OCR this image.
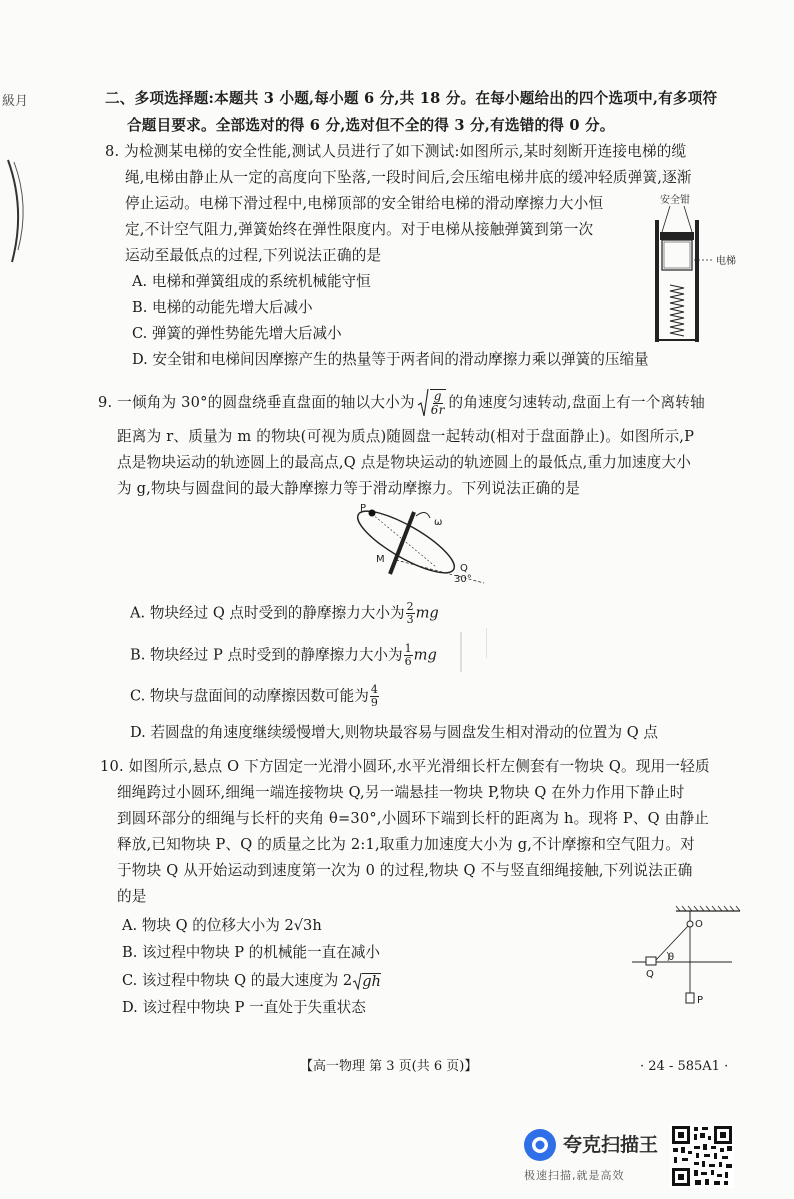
級月	二、多项选择题:本题共 3 小题,每小题 6 分,共 18 分。在每小题给出的四个选项中,有多项符
合题目要求。全部选对的得 6 分,选对但不全的得 3 分,有选错的得 0 分。
8. 为检测某电梯的安全性能,测试人员进行了如下测试:如图所示,某时刻断开连接电梯的缆
绳,电梯由静止从一定的高度向下坠落,一段时间后,会压缩电梯井底的缓冲轻质弹簧,逐渐
停止运动。电梯下滑过程中,电梯顶部的安全钳给电梯的滑动摩擦力大小恒
定,不计空气阻力,弹簧始终在弹性限度内。对于电梯从接触弹簧到第一次
运动至最低点的过程,下列说法正确的是
A. 电梯和弹簧组成的系统机械能守恒
B. 电梯的动能先增大后减小
C. 弹簧的弹性势能先增大后减小
D. 安全钳和电梯间因摩擦产生的热量等于两者间的滑动摩擦力乘以弹簧的压缩量
安全钳
电梯
9. 一倾角为 30°的圆盘绕垂直盘面的轴以大小为 $\frac{g}{6r}$ 的角速度匀速转动,盘面上有一个离转轴
距离为 r、质量为 m 的物块(可视为质点)随圆盘一起转动(相对于盘面静止)。如图所示,P
点是物块运动的轨迹圆上的最高点,Q 点是物块运动的轨迹圆上的最低点,重力加速度大小
为 g,物块与圆盘间的最大静摩擦力等于滑动摩擦力。下列说法正确的是
P
Q
M
ω
30°
A. 物块经过 Q 点时受到的静摩擦力大小为 $\frac{2}{3}$ mg
B. 物块经过 P 点时受到的静摩擦力大小为 $\frac{1}{6}$ mg
C. 物块与盘面间的动摩擦因数可能为 $\frac{4}{9}$
D. 若圆盘的角速度继续缓慢增大,则物块最容易与圆盘发生相对滑动的位置为 Q 点
10. 如图所示,悬点 O 下方固定一光滑小圆环,水平光滑细长杆左侧套有一物块 Q。现用一轻质
细绳跨过小圆环,细绳一端连接物块 Q,另一端悬挂一物块 P,物块 Q 在外力作用下静止时
到圆环部分的细绳与长杆的夹角 θ=30°,小圆环下端到长杆的距离为 h。现将 P、Q 由静止
释放,已知物块 P、Q 的质量之比为 2:1,取重力加速度大小为 g,不计摩擦和空气阻力。对
于物块 Q 从开始运动到速度第一次为 0 的过程,物块 Q 不与竖直细绳接触,下列说法正确
的是
A. 物块 Q 的位移大小为 2√3h
B. 该过程中物块 P 的机械能一直在减小
C. 该过程中物块 Q 的最大速度为 2 gh
D. 该过程中物块 P 一直处于失重状态
O
θ
Q
P
【高一物理 第 3 页(共 6 页)】	· 24 - 585A1 ·
夸克扫描王
极速扫描,就是高效
